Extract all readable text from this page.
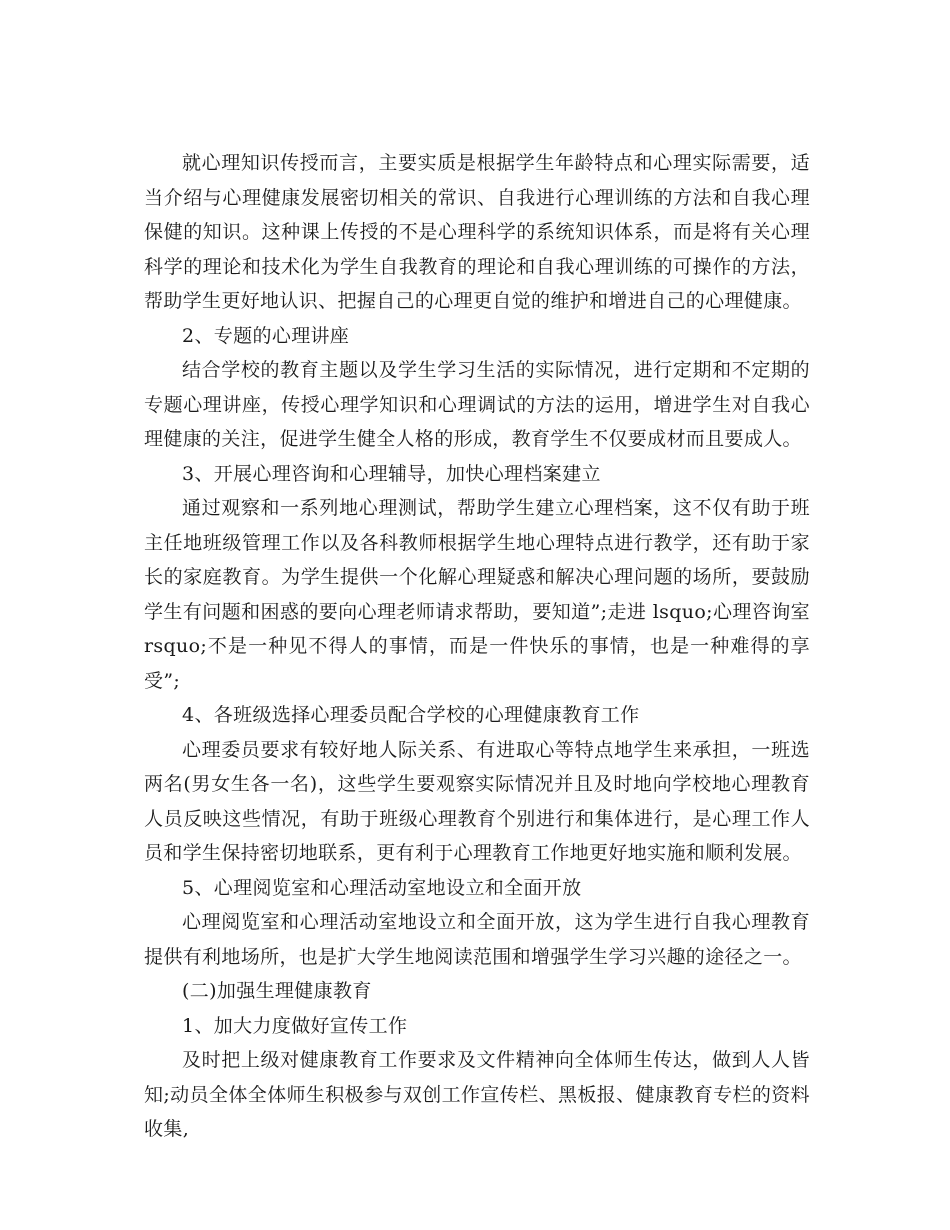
就心理知识传授而言，主要实质是根据学生年龄特点和心理实际需要，适当介绍与心理健康发展密切相关的常识、自我进行心理训练的方法和自我心理保健的知识。这种课上传授的不是心理科学的系统知识体系，而是将有关心理科学的理论和技术化为学生自我教育的理论和自我心理训练的可操作的方法，帮助学生更好地认识、把握自己的心理更自觉的维护和增进自己的心理健康。

2、专题的心理讲座

结合学校的教育主题以及学生学习生活的实际情况，进行定期和不定期的专题心理讲座，传授心理学知识和心理调试的方法的运用，增进学生对自我心理健康的关注，促进学生健全人格的形成，教育学生不仅要成材而且要成人。

3、开展心理咨询和心理辅导，加快心理档案建立

通过观察和一系列地心理测试，帮助学生建立心理档案，这不仅有助于班主任地班级管理工作以及各科教师根据学生地心理特点进行教学，还有助于家长的家庭教育。为学生提供一个化解心理疑惑和解决心理问题的场所，要鼓励学生有问题和困惑的要向心理老师请求帮助，要知道”;走进 lsquo;心理咨询室 rsquo;不是一种见不得人的事情，而是一件快乐的事情，也是一种难得的享受”;

4、各班级选择心理委员配合学校的心理健康教育工作

心理委员要求有较好地人际关系、有进取心等特点地学生来承担，一班选两名(男女生各一名)，这些学生要观察实际情况并且及时地向学校地心理教育人员反映这些情况，有助于班级心理教育个别进行和集体进行，是心理工作人员和学生保持密切地联系，更有利于心理教育工作地更好地实施和顺利发展。

5、心理阅览室和心理活动室地设立和全面开放

心理阅览室和心理活动室地设立和全面开放，这为学生进行自我心理教育提供有利地场所，也是扩大学生地阅读范围和增强学生学习兴趣的途径之一。

(二)加强生理健康教育

1、加大力度做好宣传工作

及时把上级对健康教育工作要求及文件精神向全体师生传达，做到人人皆知;动员全体全体师生积极参与双创工作宣传栏、黑板报、健康教育专栏的资料收集,
